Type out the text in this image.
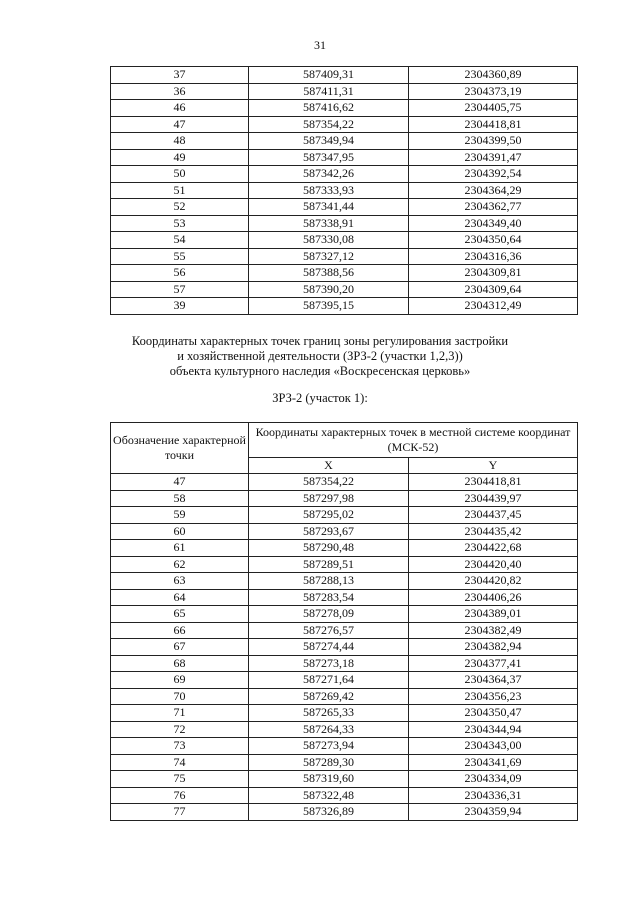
31
37	587409,31	2304360,89
36	587411,31	2304373,19
46	587416,62	2304405,75
47	587354,22	2304418,81
48	587349,94	2304399,50
49	587347,95	2304391,47
50	587342,26	2304392,54
51	587333,93	2304364,29
52	587341,44	2304362,77
53	587338,91	2304349,40
54	587330,08	2304350,64
55	587327,12	2304316,36
56	587388,56	2304309,81
57	587390,20	2304309,64
39	587395,15	2304312,49
Координаты характерных точек границ зоны регулирования застройки
и хозяйственной деятельности (ЗРЗ-2 (участки 1,2,3))
объекта культурного наследия «Воскресенская церковь»
ЗРЗ-2 (участок 1):
Обозначение характерной точки	Координаты характерных точек в местной системе координат (МСК-52)	
	X	Y
47	587354,22	2304418,81
58	587297,98	2304439,97
59	587295,02	2304437,45
60	587293,67	2304435,42
61	587290,48	2304422,68
62	587289,51	2304420,40
63	587288,13	2304420,82
64	587283,54	2304406,26
65	587278,09	2304389,01
66	587276,57	2304382,49
67	587274,44	2304382,94
68	587273,18	2304377,41
69	587271,64	2304364,37
70	587269,42	2304356,23
71	587265,33	2304350,47
72	587264,33	2304344,94
73	587273,94	2304343,00
74	587289,30	2304341,69
75	587319,60	2304334,09
76	587322,48	2304336,31
77	587326,89	2304359,94
